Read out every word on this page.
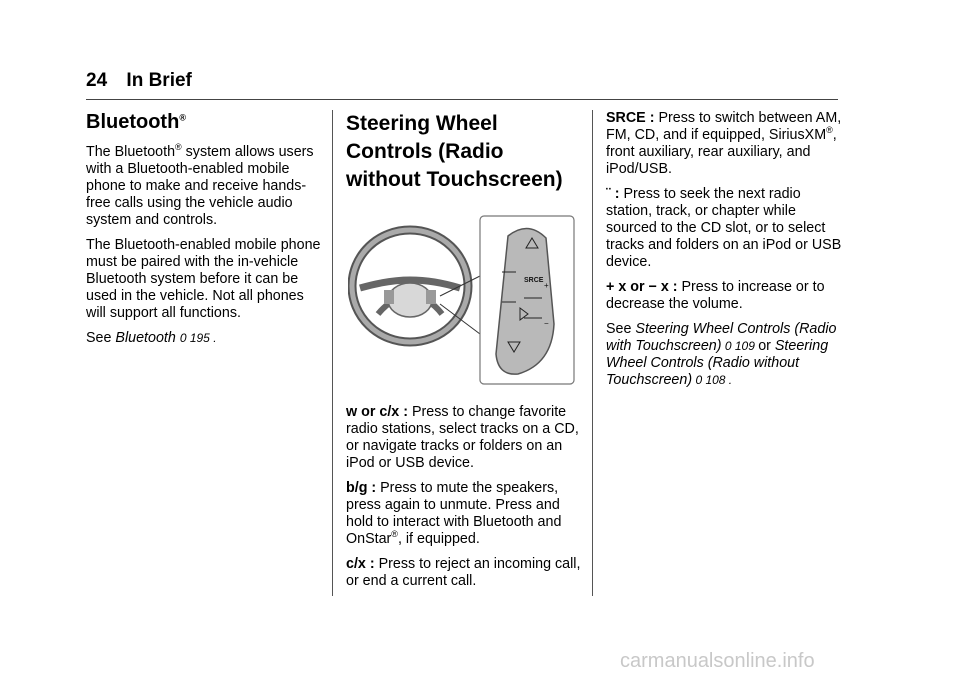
24 In Brief
Bluetooth®

The Bluetooth® system allows users with a Bluetooth-enabled mobile phone to make and receive hands-free calls using the vehicle audio system and controls.

The Bluetooth-enabled mobile phone must be paired with the in-vehicle Bluetooth system before it can be used in the vehicle. Not all phones will support all functions.

See Bluetooth 0 195 .

Steering Wheel Controls (Radio without Touchscreen)
SRCE
+
−

w or c/x : Press to change favorite radio stations, select tracks on a CD, or navigate tracks or folders on an iPod or USB device.

b/g : Press to mute the speakers, press again to unmute. Press and hold to interact with Bluetooth and OnStar®, if equipped.

c/x : Press to reject an incoming call, or end a current call.

SRCE : Press to switch between AM, FM, CD, and if equipped, SiriusXM®, front auxiliary, rear auxiliary, and iPod/USB.

¨ : Press to seek the next radio station, track, or chapter while sourced to the CD slot, or to select tracks and folders on an iPod or USB device.

+ x or − x : Press to increase or to decrease the volume.

See Steering Wheel Controls (Radio with Touchscreen) 0 109 or Steering Wheel Controls (Radio without Touchscreen) 0 108 .

carmanualsonline.info
